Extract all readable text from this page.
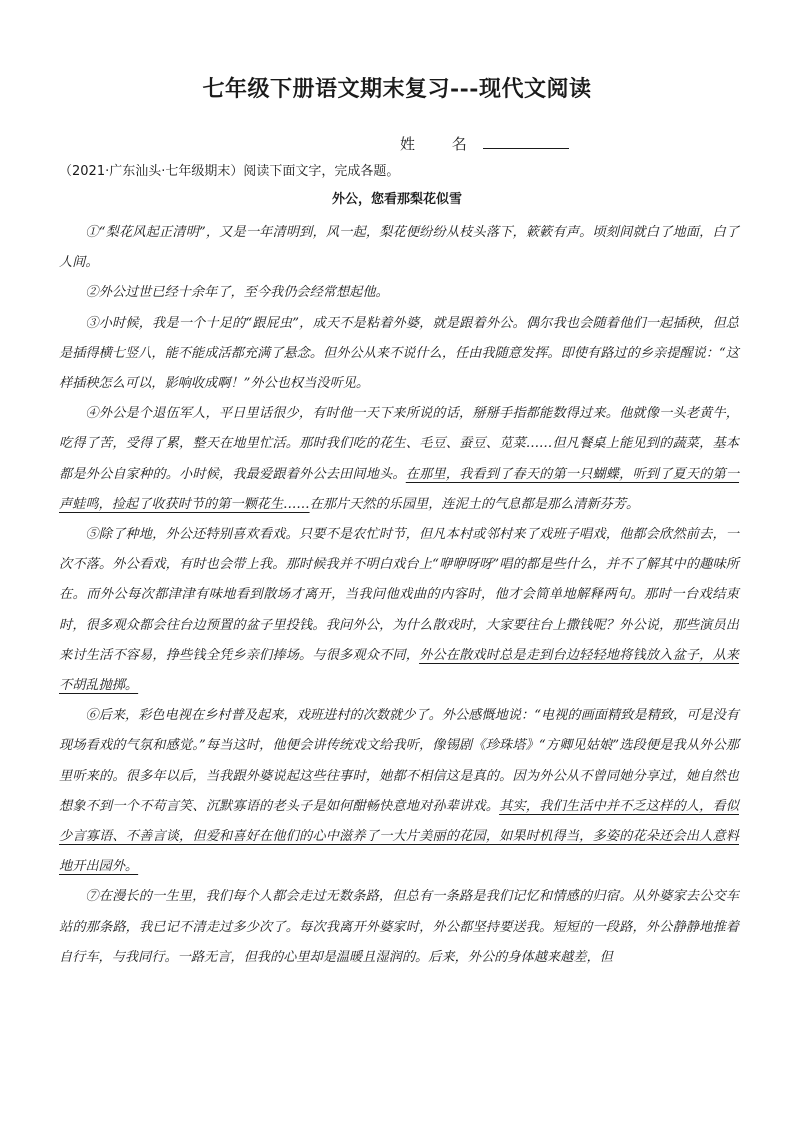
七年级下册语文期末复习---现代文阅读
姓 名
（2021·广东汕头·七年级期末）阅读下面文字，完成各题。
外公，您看那梨花似雪

①“梨花风起正清明”，又是一年清明到，风一起，梨花便纷纷从枝头落下，簌簌有声。顷刻间就白了地面，白了人间。

②外公过世已经十余年了，至今我仍会经常想起他。

③小时候，我是一个十足的“跟屁虫”，成天不是粘着外婆，就是跟着外公。偶尔我也会随着他们一起插秧，但总是插得横七竖八，能不能成活都充满了悬念。但外公从来不说什么，任由我随意发挥。即使有路过的乡亲提醒说：“这样插秧怎么可以，影响收成啊！”外公也权当没听见。

④外公是个退伍军人，平日里话很少，有时他一天下来所说的话，掰掰手指都能数得过来。他就像一头老黄牛，吃得了苦，受得了累，整天在地里忙活。那时我们吃的花生、毛豆、蚕豆、苋菜……但凡餐桌上能见到的蔬菜，基本都是外公自家种的。小时候，我最爱跟着外公去田间地头。在那里，我看到了春天的第一只蝴蝶，听到了夏天的第一声蛙鸣，捡起了收获时节的第一颗花生……在那片天然的乐园里，连泥土的气息都是那么清新芬芳。

⑤除了种地，外公还特别喜欢看戏。只要不是农忙时节，但凡本村或邻村来了戏班子唱戏，他都会欣然前去，一次不落。外公看戏，有时也会带上我。那时候我并不明白戏台上“咿咿呀呀”唱的都是些什么，并不了解其中的趣味所在。而外公每次都津津有味地看到散场才离开，当我问他戏曲的内容时，他才会简单地解释两句。那时一台戏结束时，很多观众都会往台边预置的盆子里投钱。我问外公，为什么散戏时，大家要往台上撒钱呢？外公说，那些演员出来讨生活不容易，挣些钱全凭乡亲们捧场。与很多观众不同，外公在散戏时总是走到台边轻轻地将钱放入盆子，从来不胡乱抛掷。

⑥后来，彩色电视在乡村普及起来，戏班进村的次数就少了。外公感慨地说：“电视的画面精致是精致，可是没有现场看戏的气氛和感觉。”每当这时，他便会讲传统戏文给我听，像锡剧《珍珠塔》“方卿见姑娘”选段便是我从外公那里听来的。很多年以后，当我跟外婆说起这些往事时，她都不相信这是真的。因为外公从不曾同她分享过，她自然也想象不到一个不苟言笑、沉默寡语的老头子是如何酣畅快意地对孙辈讲戏。其实，我们生活中并不乏这样的人，看似少言寡语、不善言谈，但爱和喜好在他们的心中滋养了一大片美丽的花园，如果时机得当，多姿的花朵还会出人意料地开出园外。

⑦在漫长的一生里，我们每个人都会走过无数条路，但总有一条路是我们记忆和情感的归宿。从外婆家去公交车站的那条路，我已记不清走过多少次了。每次我离开外婆家时，外公都坚持要送我。短短的一段路，外公静静地推着自行车，与我同行。一路无言，但我的心里却是温暖且湿润的。后来，外公的身体越来越差，但
